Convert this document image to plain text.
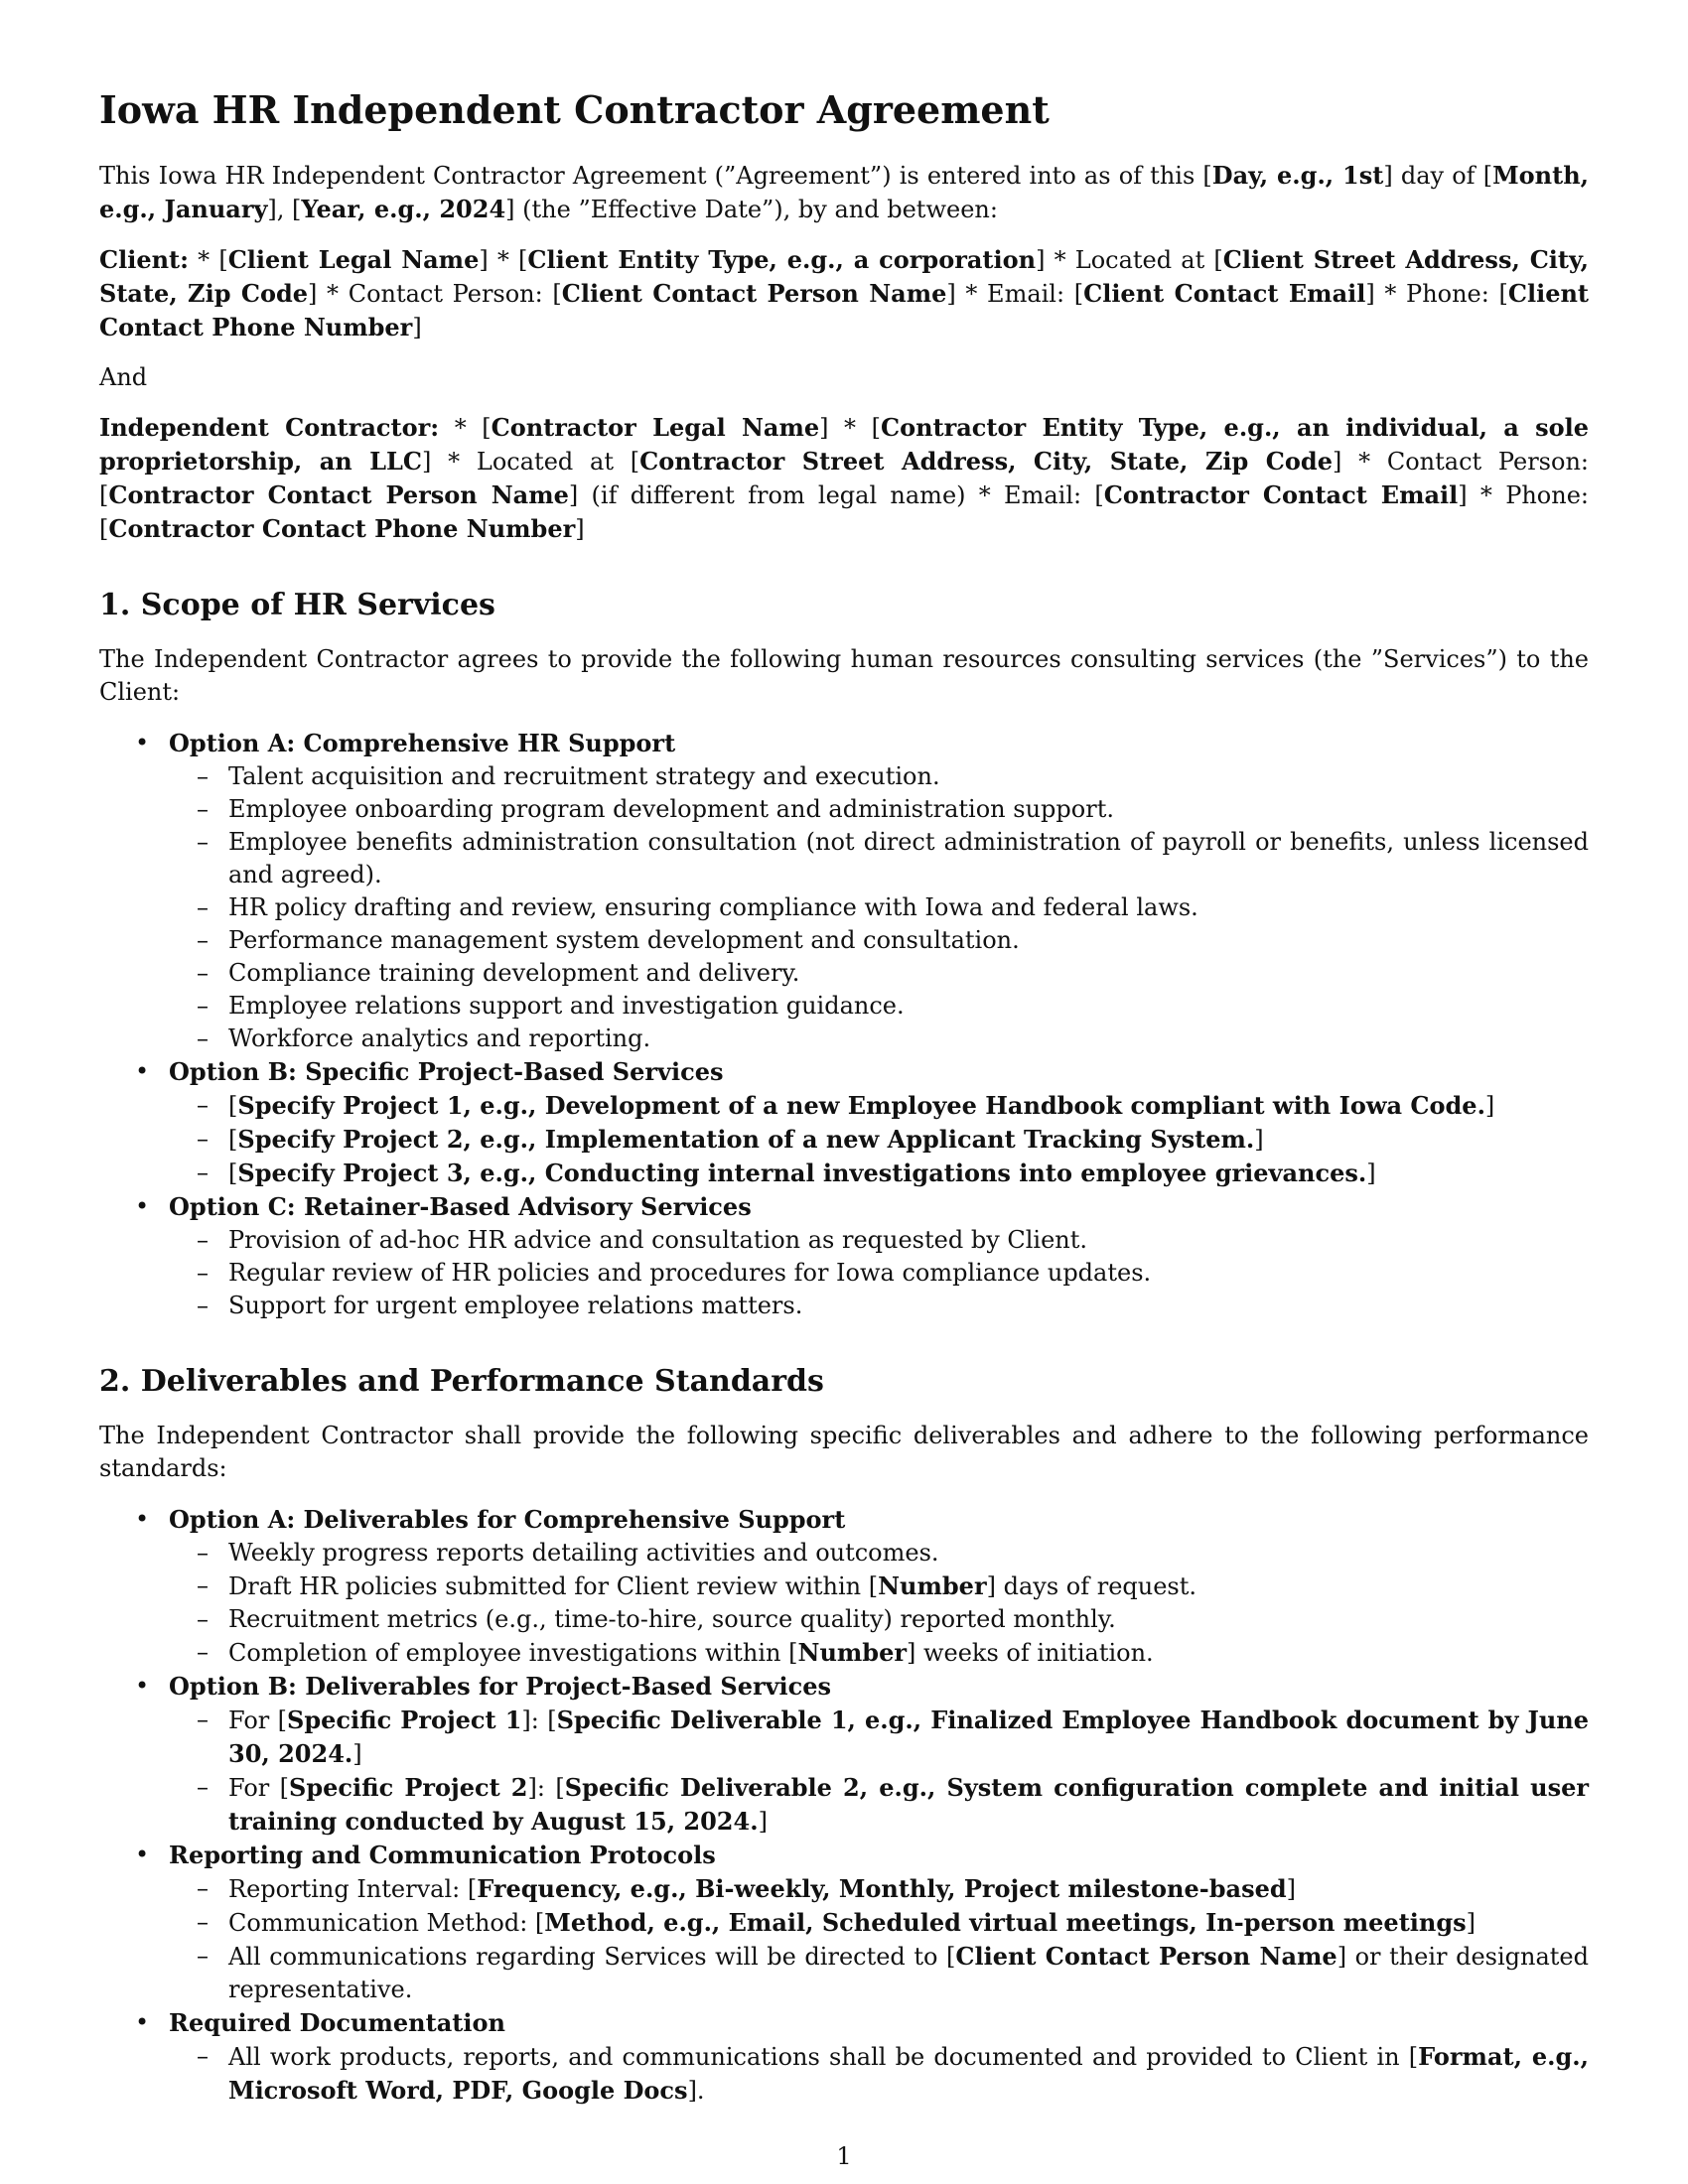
Iowa HR Independent Contractor Agreement

This Iowa HR Independent Contractor Agreement (”Agreement”) is entered into as of this [Day, e.g., 1st] day of [Month, e.g., January], [Year, e.g., 2024] (the ”Effective Date”), by and between:

Client: * [Client Legal Name] * [Client Entity Type, e.g., a corporation] * Located at [Client Street Address, City, State, Zip Code] * Contact Person: [Client Contact Person Name] * Email: [Client Contact Email] * Phone: [Client Contact Phone Number]

And

Independent Contractor: * [Contractor Legal Name] * [Contractor Entity Type, e.g., an individual, a sole proprietorship, an LLC] * Located at [Contractor Street Address, City, State, Zip Code] * Contact Person: [Contractor Contact Person Name] (if different from legal name) * Email: [Contractor Contact Email] * Phone: [Contractor Contact Phone Number]

1. Scope of HR Services

The Independent Contractor agrees to provide the following human resources consulting services (the ”Services”) to the Client:

• Option A: Comprehensive HR Support
– Talent acquisition and recruitment strategy and execution.
– Employee onboarding program development and administration support.
– Employee benefits administration consultation (not direct administration of payroll or benefits, unless licensed and agreed).
– HR policy drafting and review, ensuring compliance with Iowa and federal laws.
– Performance management system development and consultation.
– Compliance training development and delivery.
– Employee relations support and investigation guidance.
– Workforce analytics and reporting.
• Option B: Specific Project-Based Services
– [Specify Project 1, e.g., Development of a new Employee Handbook compliant with Iowa Code.]
– [Specify Project 2, e.g., Implementation of a new Applicant Tracking System.]
– [Specify Project 3, e.g., Conducting internal investigations into employee grievances.]
• Option C: Retainer-Based Advisory Services
– Provision of ad-hoc HR advice and consultation as requested by Client.
– Regular review of HR policies and procedures for Iowa compliance updates.
– Support for urgent employee relations matters.
2. Deliverables and Performance Standards

The Independent Contractor shall provide the following specific deliverables and adhere to the following performance standards:

• Option A: Deliverables for Comprehensive Support
– Weekly progress reports detailing activities and outcomes.
– Draft HR policies submitted for Client review within [Number] days of request.
– Recruitment metrics (e.g., time-to-hire, source quality) reported monthly.
– Completion of employee investigations within [Number] weeks of initiation.
• Option B: Deliverables for Project-Based Services
– For [Specific Project 1]: [Specific Deliverable 1, e.g., Finalized Employee Handbook document by June 30, 2024.]
– For [Specific Project 2]: [Specific Deliverable 2, e.g., System configuration complete and initial user training conducted by August 15, 2024.]
• Reporting and Communication Protocols
– Reporting Interval: [Frequency, e.g., Bi-weekly, Monthly, Project milestone-based]
– Communication Method: [Method, e.g., Email, Scheduled virtual meetings, In-person meetings]
– All communications regarding Services will be directed to [Client Contact Person Name] or their designated representative.
• Required Documentation
– All work products, reports, and communications shall be documented and provided to Client in [Format, e.g., Microsoft Word, PDF, Google Docs].
1
